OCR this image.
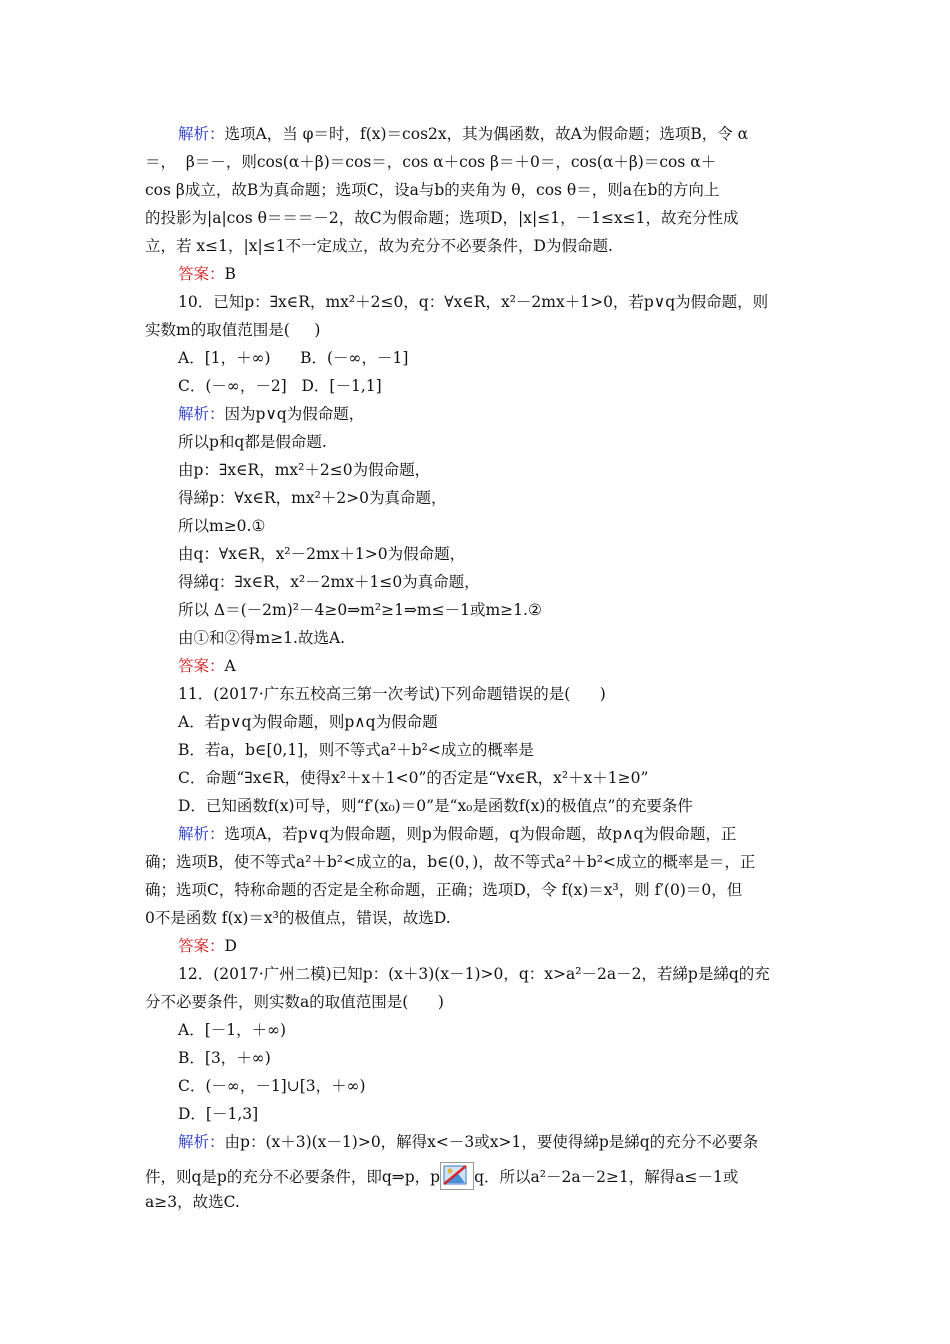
解析：选项A，当 φ＝时，f(x)＝cos2x，其为偶函数，故A为假命题；选项B，令 α
＝，  β＝－，则cos(α＋β)＝cos＝，cos α＋cos β＝＋0＝，cos(α＋β)＝cos α＋
cos β成立，故B为真命题；选项C，设a与b的夹角为 θ，cos θ＝，则a在b的方向上
的投影为|a|cos θ＝＝＝－2，故C为假命题；选项D，|x|≤1，－1≤x≤1，故充分性成
立，若 x≤1，|x|≤1不一定成立，故为充分不必要条件，D为假命题.
答案：B
10．已知p：∃x∈R，mx²＋2≤0，q：∀x∈R，x²－2mx＋1>0，若p∨q为假命题，则
实数m的取值范围是(     )
A．[1，＋∞)      B．(－∞，－1]
C．(－∞，－2]   D．[－1,1]
解析：因为p∨q为假命题，
所以p和q都是假命题.
由p：∃x∈R，mx²＋2≤0为假命题，
得綈p：∀x∈R，mx²＋2>0为真命题，
所以m≥0.①
由q：∀x∈R，x²－2mx＋1>0为假命题，
得綈q：∃x∈R，x²－2mx＋1≤0为真命题，
所以 Δ＝(－2m)²－4≥0⇒m²≥1⇒m≤－1或m≥1.②
由①和②得m≥1.故选A.
答案：A
11．(2017·广东五校高三第一次考试)下列命题错误的是(      )
A．若p∨q为假命题，则p∧q为假命题
B．若a，b∈[0,1]，则不等式a²＋b²<成立的概率是
C．命题“∃x∈R，使得x²＋x＋1<0”的否定是“∀x∈R，x²＋x＋1≥0”
D．已知函数f(x)可导，则“f′(x₀)＝0”是“x₀是函数f(x)的极值点”的充要条件
解析：选项A，若p∨q为假命题，则p为假命题，q为假命题，故p∧q为假命题，正
确；选项B，使不等式a²＋b²<成立的a，b∈(0，)，故不等式a²＋b²<成立的概率是＝，正
确；选项C，特称命题的否定是全称命题，正确；选项D，令 f(x)＝x³，则 f′(0)＝0，但
0不是函数 f(x)＝x³的极值点，错误，故选D.
答案：D
12．(2017·广州二模)已知p：(x＋3)(x－1)>0，q：x>a²－2a－2，若綈p是綈q的充
分不必要条件，则实数a的取值范围是(      )
A．[－1，＋∞)
B．[3，＋∞)
C．(－∞，－1]∪[3，＋∞)
D．[－1,3]
解析：由p：(x＋3)(x－1)>0，解得x<－3或x>1，要使得綈p是綈q的充分不必要条
件，则q是p的充分不必要条件，即q⇒p，p q．所以a²－2a－2≥1，解得a≤－1或
a≥3，故选C.
